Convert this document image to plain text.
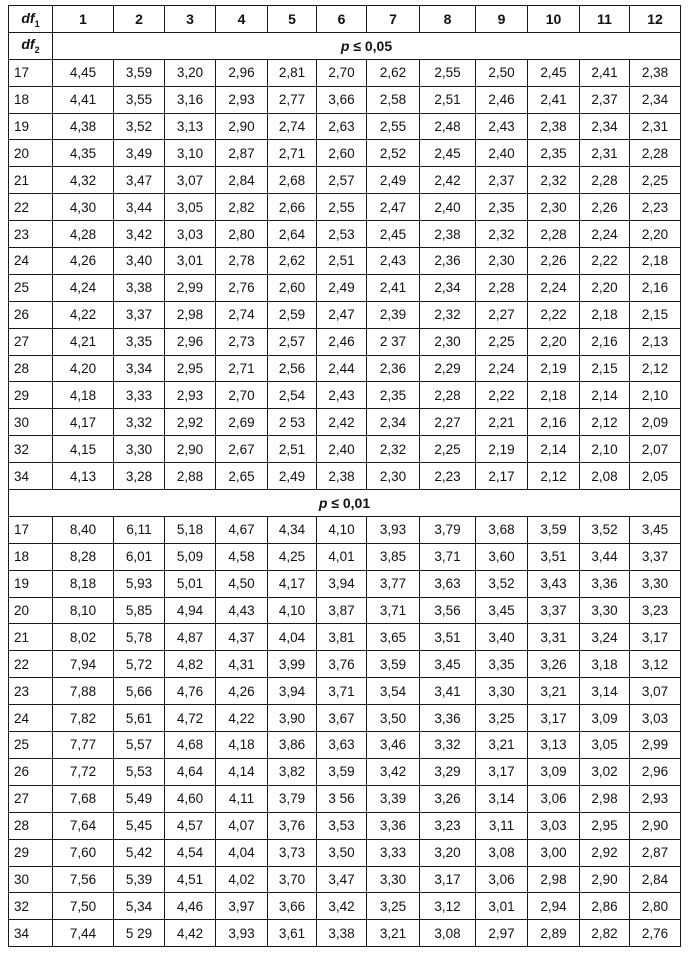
$df_1$	1	2	3	4	5	6	7	8	9	10	11	12
$df_2$	p ≤ 0,05											
17	4,45	3,59	3,20	2,96	2,81	2,70	2,62	2,55	2,50	2,45	2,41	2,38
18	4,41	3,55	3,16	2,93	2,77	3,66	2,58	2,51	2,46	2,41	2,37	2,34
19	4,38	3,52	3,13	2,90	2,74	2,63	2,55	2,48	2,43	2,38	2,34	2,31
20	4,35	3,49	3,10	2,87	2,71	2,60	2,52	2,45	2,40	2,35	2,31	2,28
21	4,32	3,47	3,07	2,84	2,68	2,57	2,49	2,42	2,37	2,32	2,28	2,25
22	4,30	3,44	3,05	2,82	2,66	2,55	2,47	2,40	2,35	2,30	2,26	2,23
23	4,28	3,42	3,03	2,80	2,64	2,53	2,45	2,38	2,32	2,28	2,24	2,20
24	4,26	3,40	3,01	2,78	2,62	2,51	2,43	2,36	2,30	2,26	2,22	2,18
25	4,24	3,38	2,99	2,76	2,60	2,49	2,41	2,34	2,28	2,24	2,20	2,16
26	4,22	3,37	2,98	2,74	2,59	2,47	2,39	2,32	2,27	2,22	2,18	2,15
27	4,21	3,35	2,96	2,73	2,57	2,46	2 37	2,30	2,25	2,20	2,16	2,13
28	4,20	3,34	2,95	2,71	2,56	2,44	2,36	2,29	2,24	2,19	2,15	2,12
29	4,18	3,33	2,93	2,70	2,54	2,43	2,35	2,28	2,22	2,18	2,14	2,10
30	4,17	3,32	2,92	2,69	2 53	2,42	2,34	2,27	2,21	2,16	2,12	2,09
32	4,15	3,30	2,90	2,67	2,51	2,40	2,32	2,25	2,19	2,14	2,10	2,07
34	4,13	3,28	2,88	2,65	2,49	2,38	2,30	2,23	2,17	2,12	2,08	2,05
p ≤ 0,01												
17	8,40	6,11	5,18	4,67	4,34	4,10	3,93	3,79	3,68	3,59	3,52	3,45
18	8,28	6,01	5,09	4,58	4,25	4,01	3,85	3,71	3,60	3,51	3,44	3,37
19	8,18	5,93	5,01	4,50	4,17	3,94	3,77	3,63	3,52	3,43	3,36	3,30
20	8,10	5,85	4,94	4,43	4,10	3,87	3,71	3,56	3,45	3,37	3,30	3,23
21	8,02	5,78	4,87	4,37	4,04	3,81	3,65	3,51	3,40	3,31	3,24	3,17
22	7,94	5,72	4,82	4,31	3,99	3,76	3,59	3,45	3,35	3,26	3,18	3,12
23	7,88	5,66	4,76	4,26	3,94	3,71	3,54	3,41	3,30	3,21	3,14	3,07
24	7,82	5,61	4,72	4,22	3,90	3,67	3,50	3,36	3,25	3,17	3,09	3,03
25	7,77	5,57	4,68	4,18	3,86	3,63	3,46	3,32	3,21	3,13	3,05	2,99
26	7,72	5,53	4,64	4,14	3,82	3,59	3,42	3,29	3,17	3,09	3,02	2,96
27	7,68	5,49	4,60	4,11	3,79	3 56	3,39	3,26	3,14	3,06	2,98	2,93
28	7,64	5,45	4,57	4,07	3,76	3,53	3,36	3,23	3,11	3,03	2,95	2,90
29	7,60	5,42	4,54	4,04	3,73	3,50	3,33	3,20	3,08	3,00	2,92	2,87
30	7,56	5,39	4,51	4,02	3,70	3,47	3,30	3,17	3,06	2,98	2,90	2,84
32	7,50	5,34	4,46	3,97	3,66	3,42	3,25	3,12	3,01	2,94	2,86	2,80
34	7,44	5 29	4,42	3,93	3,61	3,38	3,21	3,08	2,97	2,89	2,82	2,76
